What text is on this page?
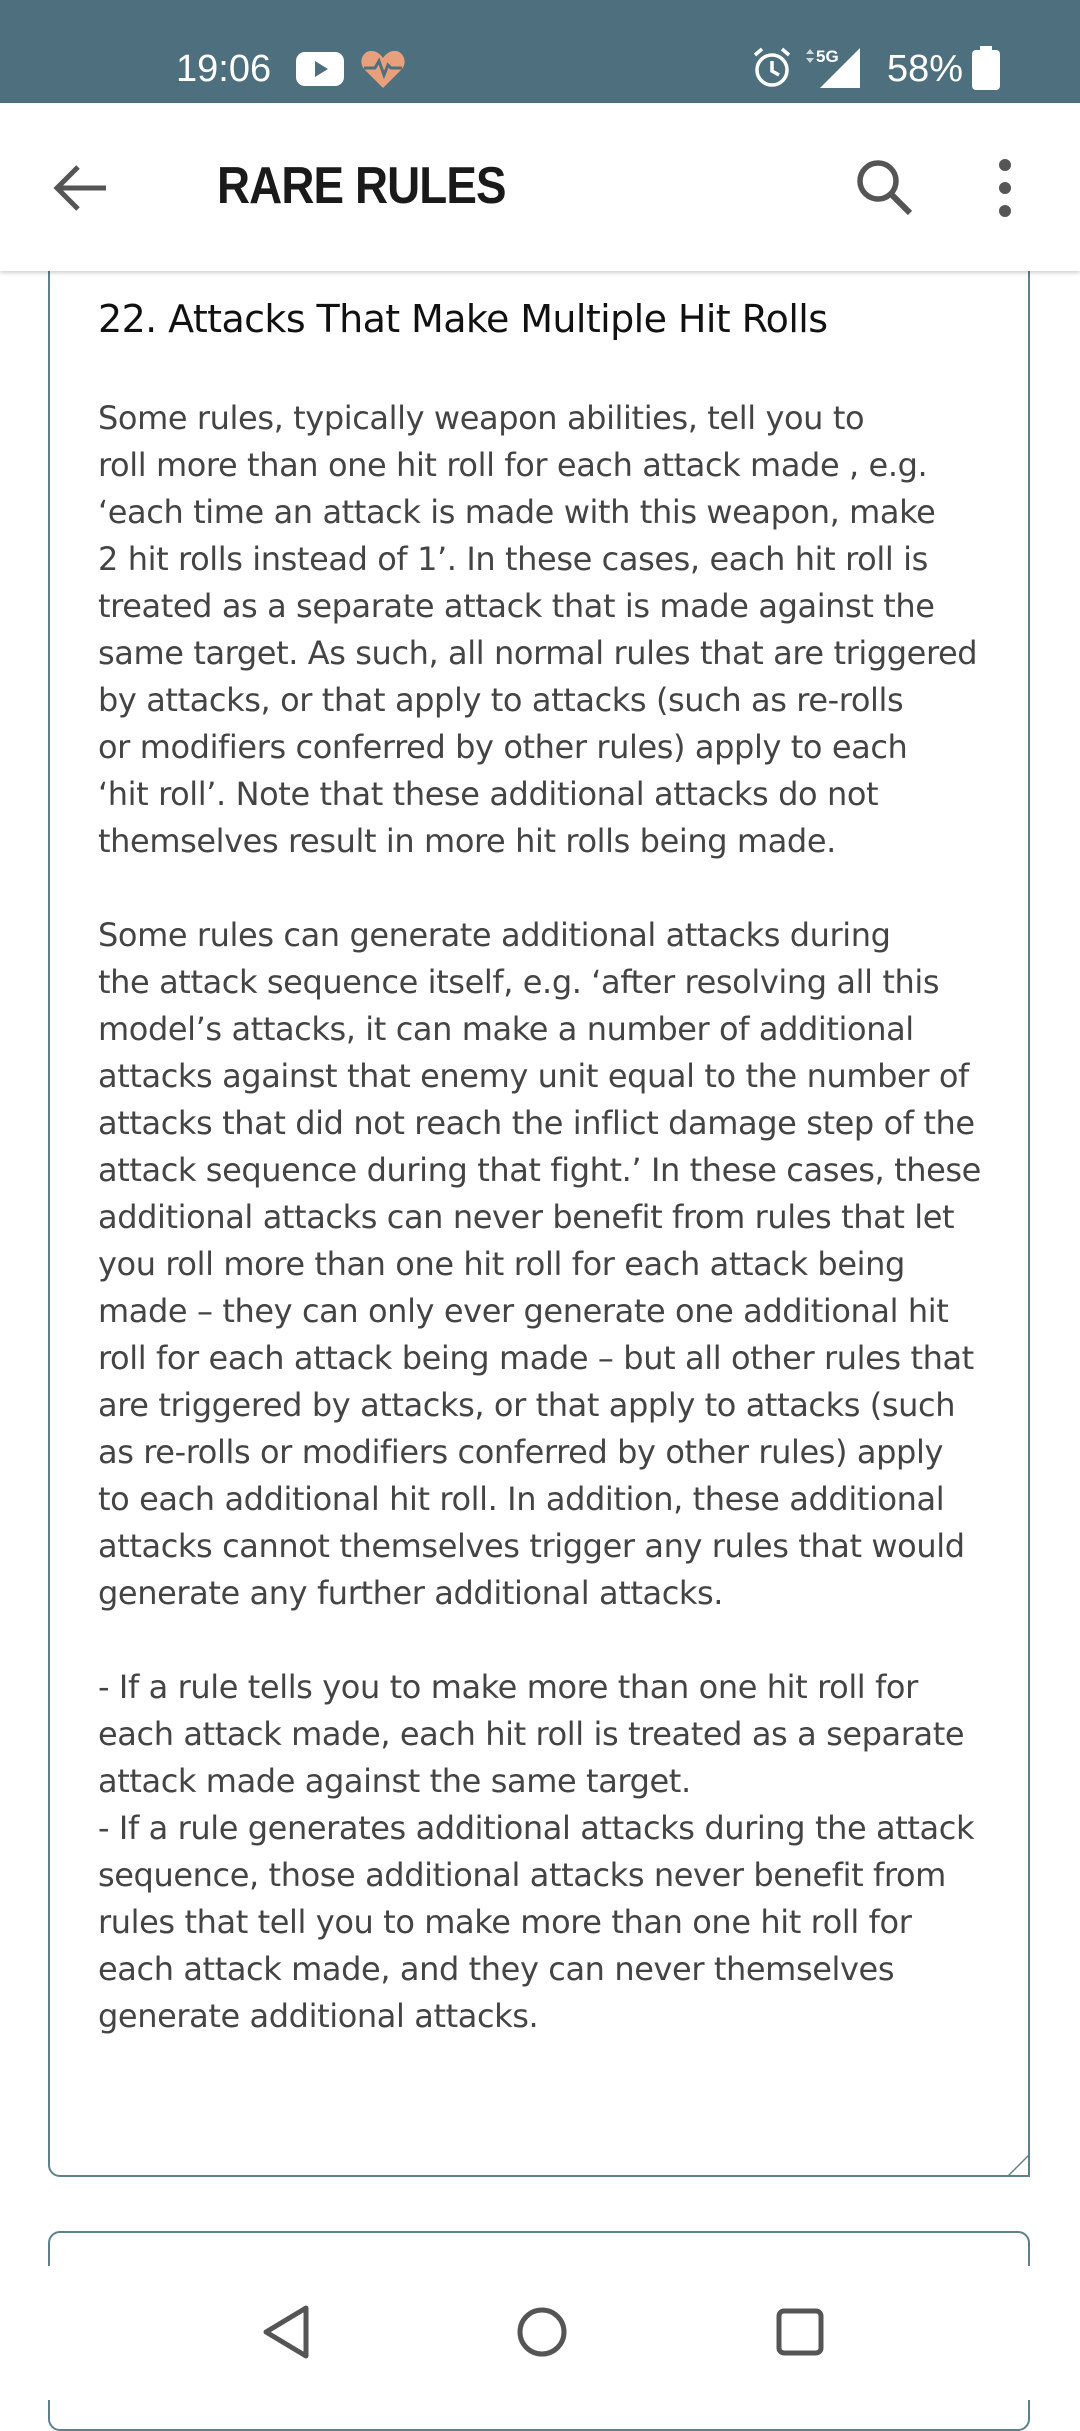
19:06	5G 58%
RARE RULES
22. Attacks That Make Multiple Hit Rolls

Some rules, typically weapon abilities, tell you to
roll more than one hit roll for each attack made , e.g.
‘each time an attack is made with this weapon, make
2 hit rolls instead of 1’. In these cases, each hit roll is
treated as a separate attack that is made against the
same target. As such, all normal rules that are triggered
by attacks, or that apply to attacks (such as re-rolls
or modifiers conferred by other rules) apply to each
‘hit roll’. Note that these additional attacks do not
themselves result in more hit rolls being made.

Some rules can generate additional attacks during
the attack sequence itself, e.g. ‘after resolving all this
model’s attacks, it can make a number of additional
attacks against that enemy unit equal to the number of
attacks that did not reach the inflict damage step of the
attack sequence during that fight.’ In these cases, these
additional attacks can never benefit from rules that let
you roll more than one hit roll for each attack being
made – they can only ever generate one additional hit
roll for each attack being made – but all other rules that
are triggered by attacks, or that apply to attacks (such
as re-rolls or modifiers conferred by other rules) apply
to each additional hit roll. In addition, these additional
attacks cannot themselves trigger any rules that would
generate any further additional attacks.

- If a rule tells you to make more than one hit roll for
each attack made, each hit roll is treated as a separate
attack made against the same target.
- If a rule generates additional attacks during the attack
sequence, those additional attacks never benefit from
rules that tell you to make more than one hit roll for
each attack made, and they can never themselves
generate additional attacks.
